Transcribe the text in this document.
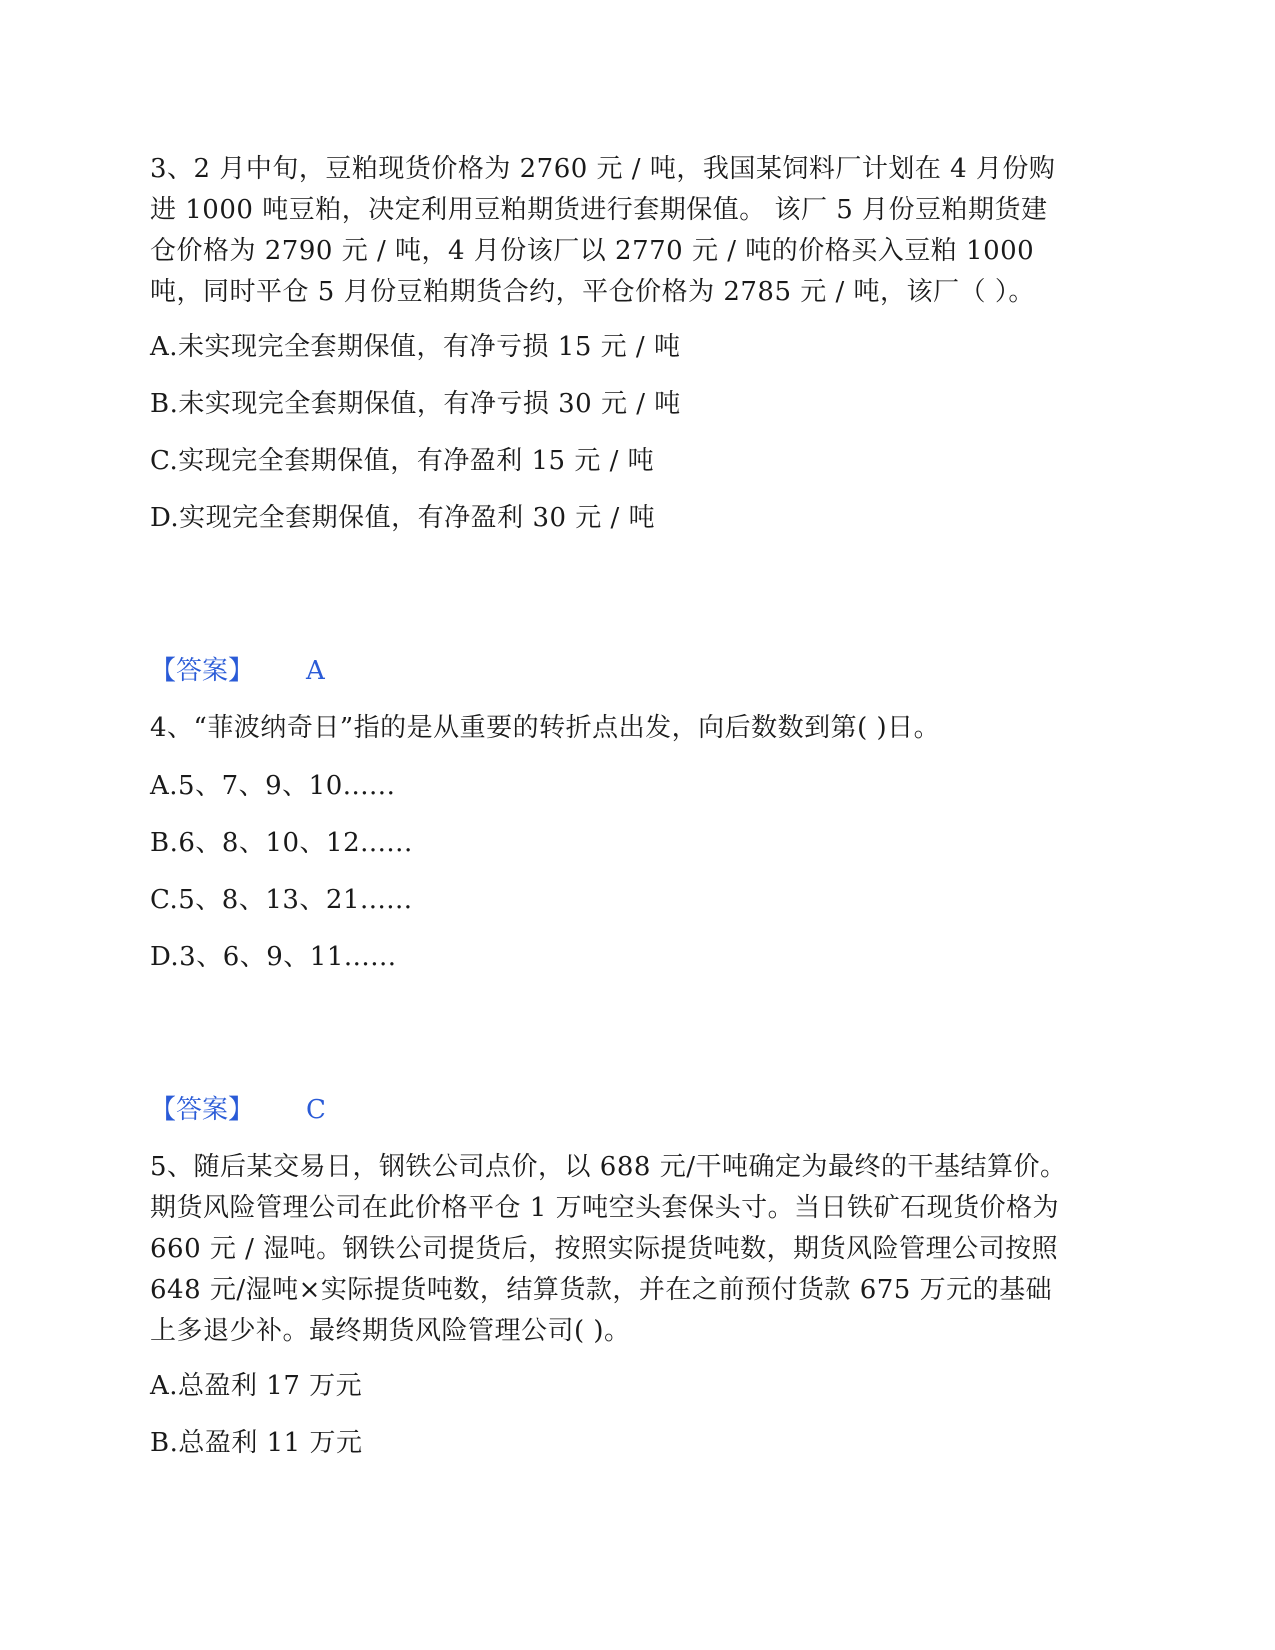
3、2 月中旬，豆粕现货价格为 2760 元 / 吨，我国某饲料厂计划在 4 月份购进 1000 吨豆粕，决定利用豆粕期货进行套期保值。 该厂 5 月份豆粕期货建仓价格为 2790 元 / 吨，4 月份该厂以 2770 元 / 吨的价格买入豆粕 1000 吨，同时平仓 5 月份豆粕期货合约，平仓价格为 2785 元 / 吨，该厂（ ）。

A.未实现完全套期保值，有净亏损 15 元 / 吨

B.未实现完全套期保值，有净亏损 30 元 / 吨

C.实现完全套期保值，有净盈利 15 元 / 吨

D.实现完全套期保值，有净盈利 30 元 / 吨

【答案】 A

4、“菲波纳奇日”指的是从重要的转折点出发，向后数数到第( )日。

A.5、7、9、10......

B.6、8、10、12......

C.5、8、13、21......

D.3、6、9、11......

【答案】 C

5、随后某交易日，钢铁公司点价，以 688 元/干吨确定为最终的干基结算价。期货风险管理公司在此价格平仓 1 万吨空头套保头寸。当日铁矿石现货价格为 660 元 / 湿吨。钢铁公司提货后，按照实际提货吨数，期货风险管理公司按照 648 元/湿吨×实际提货吨数，结算货款，并在之前预付货款 675 万元的基础上多退少补。最终期货风险管理公司( )。

A.总盈利 17 万元

B.总盈利 11 万元
